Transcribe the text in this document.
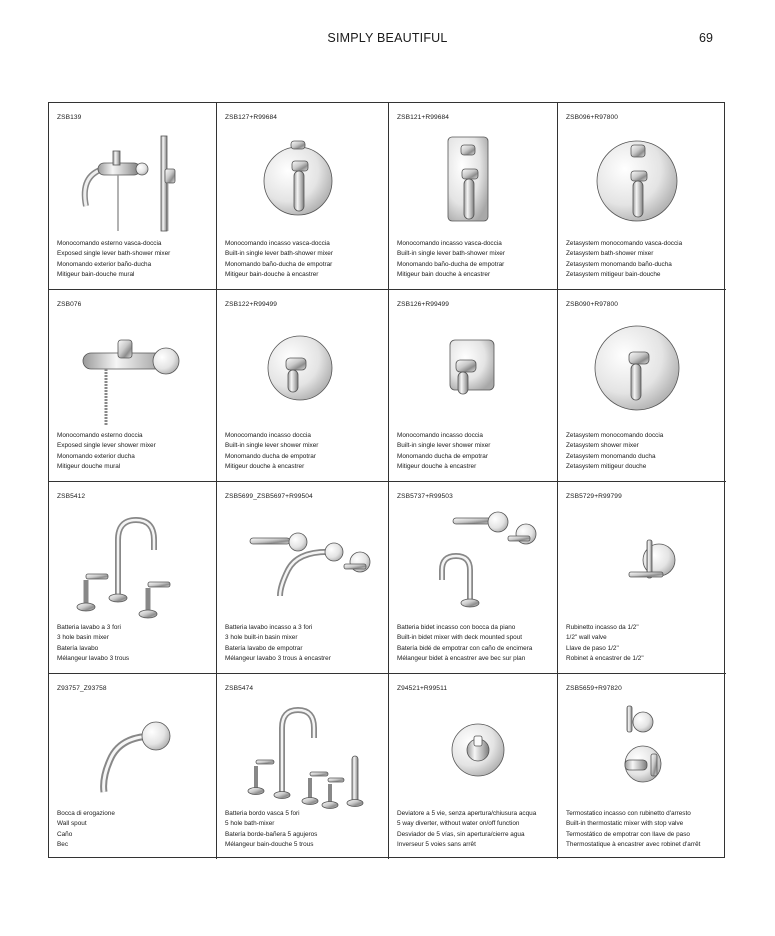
SIMPLY BEAUTIFUL	69
ZSB139
Monocomando esterno vasca-doccia
Exposed single lever bath-shower mixer
Monomando exterior baño-ducha
Mitigeur bain-douche mural
ZSB127+R99684
Monocomando incasso vasca-doccia
Built-in single lever bath-shower mixer
Monomando baño-ducha de empotrar
Mitigeur bain-douche à encastrer
ZSB121+R99684
Monocomando incasso vasca-doccia
Built-in single lever bath-shower mixer
Monomando baño-ducha de empotrar
Mitigeur bain douche à encastrer
ZSB096+R97800
Zetasystem monocomando vasca-doccia
Zetasystem bath-shower mixer
Zetasystem monomando baño-ducha
Zetasystem mitigeur bain-douche
ZSB076
Monocomando esterno doccia
Exposed single lever shower mixer
Monomando exterior ducha
Mitigeur douche mural
ZSB122+R99499
Monocomando incasso doccia
Built-in single lever shower mixer
Monomando ducha de empotrar
Mitigeur douche à encastrer
ZSB126+R99499
Monocomando incasso doccia
Built-in single lever shower mixer
Monomando ducha de empotrar
Mitigeur douche à encastrer
ZSB090+R97800
Zetasystem monocomando doccia
Zetasystem shower mixer
Zetasystem monomando ducha
Zetasystem mitigeur douche
ZSB5412
Batteria lavabo a 3 fori
3 hole basin mixer
Batería lavabo
Mélangeur lavabo 3 trous
ZSB5699_ZSB5697+R99504
Batteria lavabo incasso a 3 fori
3 hole built-in basin mixer
Batería lavabo de empotrar
Mélangeur lavabo 3 trous à encastrer
ZSB5737+R99503
Batteria bidet incasso con bocca da piano
Built-in bidet mixer with deck mounted spout
Batería bidé de empotrar con caño de encimera
Mélangeur bidet à encastrer ave bec sur plan
ZSB5729+R99799
Rubinetto incasso da 1/2"
1/2" wall valve
Llave de paso 1/2"
Robinet à encastrer de 1/2"
Z93757_Z93758
Bocca di erogazione
Wall spout
Caño
Bec
ZSB5474
Batteria bordo vasca 5 fori
5 hole bath-mixer
Batería borde-bañera 5 agujeros
Mélangeur bain-douche 5 trous
Z94521+R99511
Deviatore a 5 vie, senza apertura/chiusura acqua
5 way diverter, without water on/off function
Desviador de 5 vías, sin apertura/cierre agua
Inverseur 5 voies sans arrêt
ZSB5659+R97820
Termostatico incasso con rubinetto d'arresto
Built-in thermostatic mixer with stop valve
Termostático de empotrar con llave de paso
Thermostatique à encastrer avec robinet d'arrêt
